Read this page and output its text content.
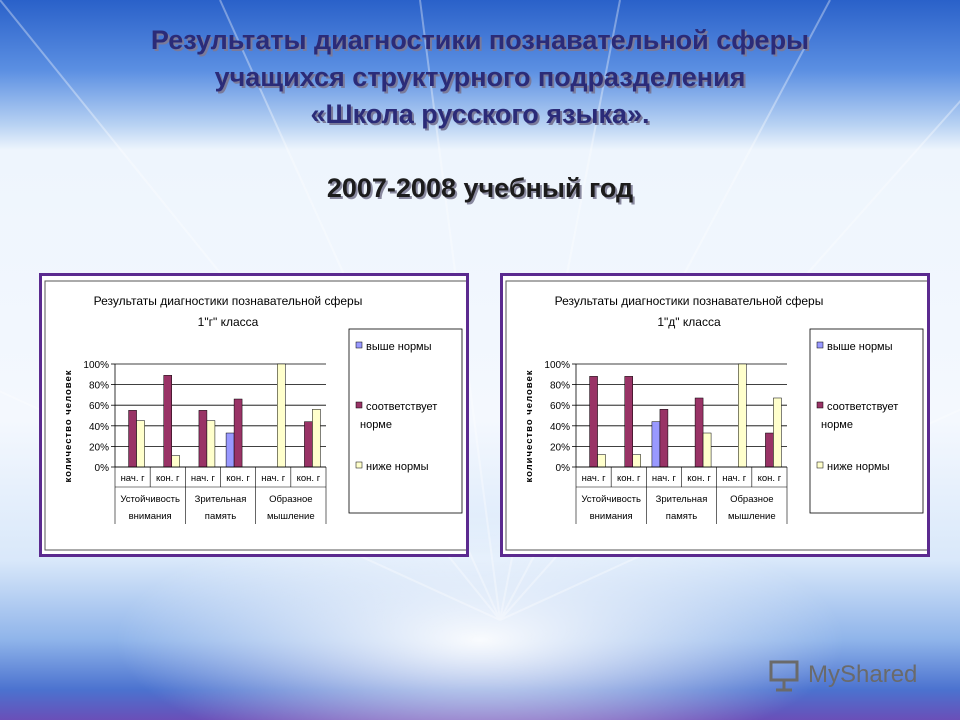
Результаты диагностики познавательной сферы
учащихся структурного подразделения
«Школа русского языка».
2007-2008 учебный год
Результаты диагностики познавательной сферы
1"г" класса
количество человек
100%
80%
60%
40%
20%
0%
нач. г кон. г нач. г кон. г нач. г кон. г
Устойчивость
внимания
Зрительная
память
Образное
мышление
выше нормы
соответствует
норме
ниже нормы
Результаты диагностики познавательной сферы
1"д" класса
количество человек
100%
80%
60%
40%
20%
0%
нач. г кон. г нач. г кон. г нач. г кон. г
Устойчивость
внимания
Зрительная
память
Образное
мышление
выше нормы
соответствует
норме
ниже нормы
MyShared
